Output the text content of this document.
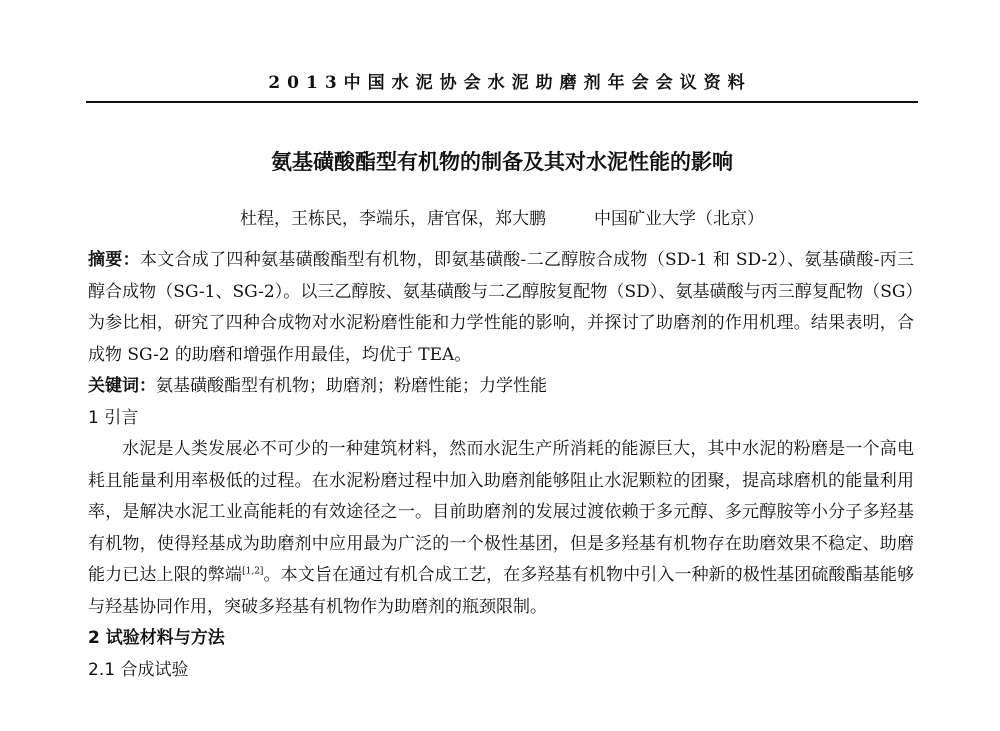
2013中国水泥协会水泥助磨剂年会会议资料
氨基磺酸酯型有机物的制备及其对水泥性能的影响
杜程，王栋民，李端乐，唐官保，郑大鹏	中国矿业大学（北京）

摘要：本文合成了四种氨基磺酸酯型有机物，即氨基磺酸-二乙醇胺合成物（SD-1 和 SD-2）、氨基磺酸-丙三醇合成物（SG-1、SG-2）。以三乙醇胺、氨基磺酸与二乙醇胺复配物（SD）、氨基磺酸与丙三醇复配物（SG）为参比相，研究了四种合成物对水泥粉磨性能和力学性能的影响，并探讨了助磨剂的作用机理。结果表明，合成物 SG-2 的助磨和增强作用最佳，均优于 TEA。

关键词：氨基磺酸酯型有机物；助磨剂；粉磨性能；力学性能

1 引言

水泥是人类发展必不可少的一种建筑材料，然而水泥生产所消耗的能源巨大，其中水泥的粉磨是一个高电耗且能量利用率极低的过程。在水泥粉磨过程中加入助磨剂能够阻止水泥颗粒的团聚，提高球磨机的能量利用率，是解决水泥工业高能耗的有效途径之一。目前助磨剂的发展过渡依赖于多元醇、多元醇胺等小分子多羟基有机物，使得羟基成为助磨剂中应用最为广泛的一个极性基团，但是多羟基有机物存在助磨效果不稳定、助磨能力已达上限的弊端[1,2]。本文旨在通过有机合成工艺，在多羟基有机物中引入一种新的极性基团硫酸酯基能够与羟基协同作用，突破多羟基有机物作为助磨剂的瓶颈限制。

2 试验材料与方法

2.1 合成试验
